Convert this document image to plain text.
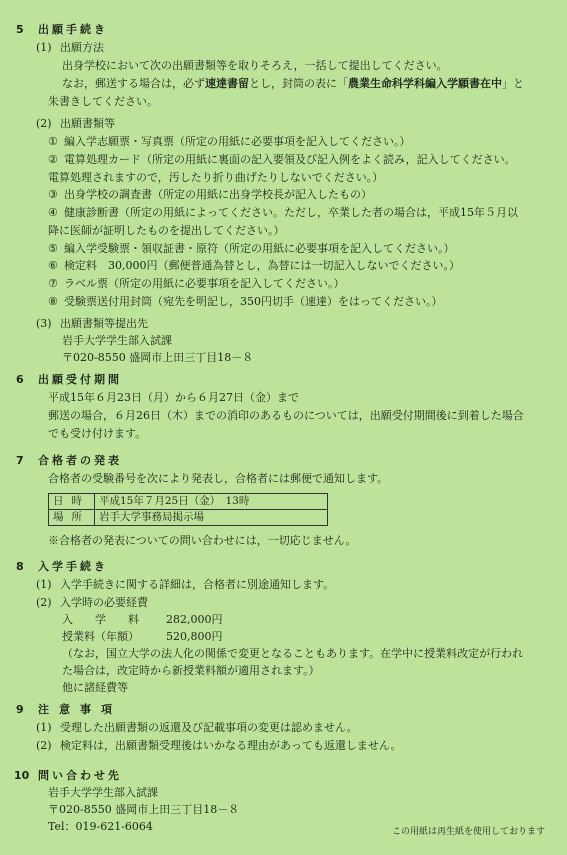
5 出願手続き
(1) 出願方法
出身学校において次の出願書類等を取りそろえ，一括して提出してください。
なお，郵送する場合は，必ず速達書留とし，封筒の表に「農業生命科学科編入学願書在中」と
朱書きしてください。
(2) 出願書類等
① 編入学志願票・写真票（所定の用紙に必要事項を記入してください。）
② 電算処理カード（所定の用紙に裏面の記入要領及び記入例をよく読み，記入してください。
電算処理されますので，汚したり折り曲げたりしないでください。）
③ 出身学校の調査書（所定の用紙に出身学校長が記入したもの）
④ 健康診断書（所定の用紙によってください。ただし，卒業した者の場合は，平成15年５月以
降に医師が証明したものを提出してください。）
⑤ 編入学受験票・領収証書・原符（所定の用紙に必要事項を記入してください。）
⑥ 検定料　30,000円（郵便普通為替とし，為替には一切記入しないでください。）
⑦ ラベル票（所定の用紙に必要事項を記入してください。）
⑧ 受験票送付用封筒（宛先を明記し，350円切手（速達）をはってください。）
(3) 出願書類等提出先
岩手大学学生部入試課
〒020-8550 盛岡市上田三丁目18－８
6 出願受付期間
平成15年６月23日（月）から６月27日（金）まで
郵送の場合，６月26日（木）までの消印のあるものについては，出願受付期間後に到着した場合
でも受け付けます。
7 合格者の発表
合格者の受験番号を次により発表し，合格者には郵便で通知します。
日時	平成15年７月25日（金）　13時
場所	岩手大学事務局掲示場
※合格者の発表についての問い合わせには，一切応じません。
8 入学手続き
(1) 入学手続きに関する詳細は，合格者に別途通知します。
(2) 入学時の必要経費
入　　学　　料 282,000円
授業料（年額） 520,800円
（なお，国立大学の法人化の関係で変更となることもあります。在学中に授業料改定が行われ
た場合は，改定時から新授業料額が適用されます。）
他に諸経費等
9 注意事項
(1) 受理した出願書類の返還及び記載事項の変更は認めません。
(2) 検定料は，出願書類受理後はいかなる理由があっても返還しません。
10 問い合わせ先
岩手大学学生部入試課
〒020-8550 盛岡市上田三丁目18－８
Tel：019-621-6064	この用紙は再生紙を使用しております
